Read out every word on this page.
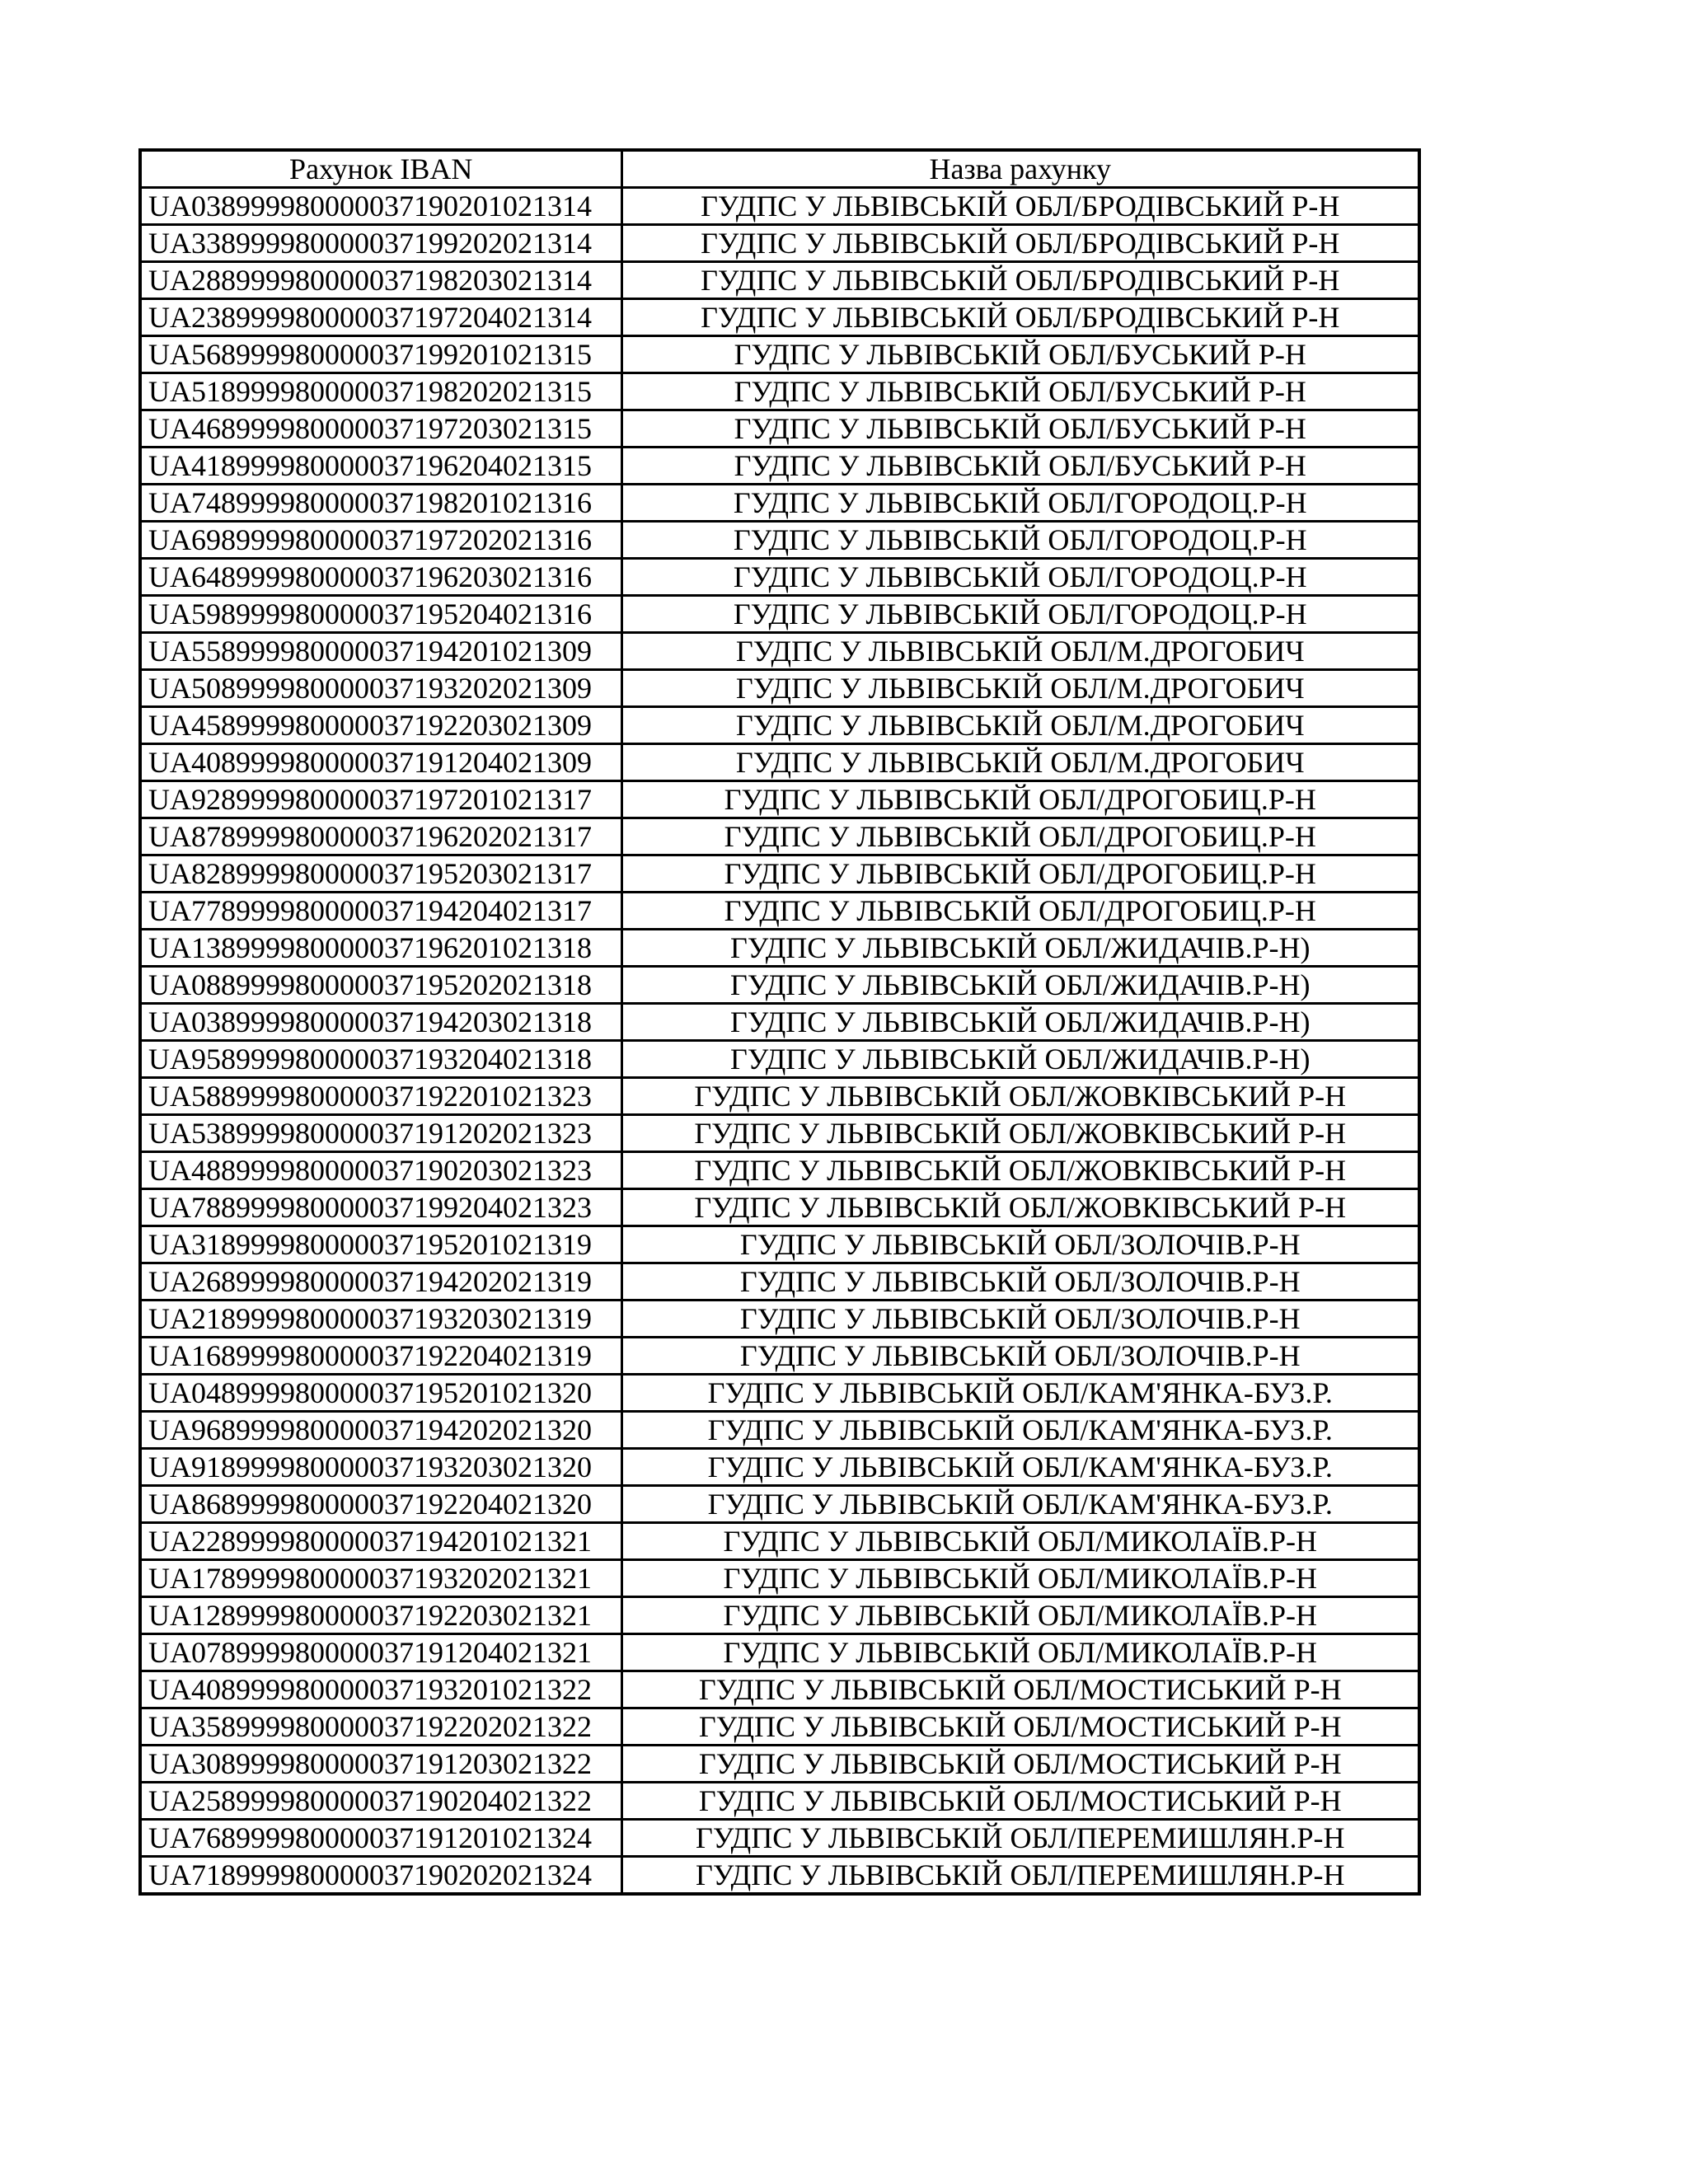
Рахунок IBAN	Назва рахунку
UA038999980000037190201021314	ГУДПС У ЛЬВІВСЬКІЙ ОБЛ/БРОДІВСЬКИЙ Р-Н
UA338999980000037199202021314	ГУДПС У ЛЬВІВСЬКІЙ ОБЛ/БРОДІВСЬКИЙ Р-Н
UA288999980000037198203021314	ГУДПС У ЛЬВІВСЬКІЙ ОБЛ/БРОДІВСЬКИЙ Р-Н
UA238999980000037197204021314	ГУДПС У ЛЬВІВСЬКІЙ ОБЛ/БРОДІВСЬКИЙ Р-Н
UA568999980000037199201021315	ГУДПС У ЛЬВІВСЬКІЙ ОБЛ/БУСЬКИЙ Р-Н
UA518999980000037198202021315	ГУДПС У ЛЬВІВСЬКІЙ ОБЛ/БУСЬКИЙ Р-Н
UA468999980000037197203021315	ГУДПС У ЛЬВІВСЬКІЙ ОБЛ/БУСЬКИЙ Р-Н
UA418999980000037196204021315	ГУДПС У ЛЬВІВСЬКІЙ ОБЛ/БУСЬКИЙ Р-Н
UA748999980000037198201021316	ГУДПС У ЛЬВІВСЬКІЙ ОБЛ/ГОРОДОЦ.Р-Н
UA698999980000037197202021316	ГУДПС У ЛЬВІВСЬКІЙ ОБЛ/ГОРОДОЦ.Р-Н
UA648999980000037196203021316	ГУДПС У ЛЬВІВСЬКІЙ ОБЛ/ГОРОДОЦ.Р-Н
UA598999980000037195204021316	ГУДПС У ЛЬВІВСЬКІЙ ОБЛ/ГОРОДОЦ.Р-Н
UA558999980000037194201021309	ГУДПС У ЛЬВІВСЬКІЙ ОБЛ/М.ДРОГОБИЧ
UA508999980000037193202021309	ГУДПС У ЛЬВІВСЬКІЙ ОБЛ/М.ДРОГОБИЧ
UA458999980000037192203021309	ГУДПС У ЛЬВІВСЬКІЙ ОБЛ/М.ДРОГОБИЧ
UA408999980000037191204021309	ГУДПС У ЛЬВІВСЬКІЙ ОБЛ/М.ДРОГОБИЧ
UA928999980000037197201021317	ГУДПС У ЛЬВІВСЬКІЙ ОБЛ/ДРОГОБИЦ.Р-Н
UA878999980000037196202021317	ГУДПС У ЛЬВІВСЬКІЙ ОБЛ/ДРОГОБИЦ.Р-Н
UA828999980000037195203021317	ГУДПС У ЛЬВІВСЬКІЙ ОБЛ/ДРОГОБИЦ.Р-Н
UA778999980000037194204021317	ГУДПС У ЛЬВІВСЬКІЙ ОБЛ/ДРОГОБИЦ.Р-Н
UA138999980000037196201021318	ГУДПС У ЛЬВІВСЬКІЙ ОБЛ/ЖИДАЧІВ.Р-Н)
UA088999980000037195202021318	ГУДПС У ЛЬВІВСЬКІЙ ОБЛ/ЖИДАЧІВ.Р-Н)
UA038999980000037194203021318	ГУДПС У ЛЬВІВСЬКІЙ ОБЛ/ЖИДАЧІВ.Р-Н)
UA958999980000037193204021318	ГУДПС У ЛЬВІВСЬКІЙ ОБЛ/ЖИДАЧІВ.Р-Н)
UA588999980000037192201021323	ГУДПС У ЛЬВІВСЬКІЙ ОБЛ/ЖОВКІВСЬКИЙ Р-Н
UA538999980000037191202021323	ГУДПС У ЛЬВІВСЬКІЙ ОБЛ/ЖОВКІВСЬКИЙ Р-Н
UA488999980000037190203021323	ГУДПС У ЛЬВІВСЬКІЙ ОБЛ/ЖОВКІВСЬКИЙ Р-Н
UA788999980000037199204021323	ГУДПС У ЛЬВІВСЬКІЙ ОБЛ/ЖОВКІВСЬКИЙ Р-Н
UA318999980000037195201021319	ГУДПС У ЛЬВІВСЬКІЙ ОБЛ/ЗОЛОЧІВ.Р-Н
UA268999980000037194202021319	ГУДПС У ЛЬВІВСЬКІЙ ОБЛ/ЗОЛОЧІВ.Р-Н
UA218999980000037193203021319	ГУДПС У ЛЬВІВСЬКІЙ ОБЛ/ЗОЛОЧІВ.Р-Н
UA168999980000037192204021319	ГУДПС У ЛЬВІВСЬКІЙ ОБЛ/ЗОЛОЧІВ.Р-Н
UA048999980000037195201021320	ГУДПС У ЛЬВІВСЬКІЙ ОБЛ/КАМ'ЯНКА-БУЗ.Р.
UA968999980000037194202021320	ГУДПС У ЛЬВІВСЬКІЙ ОБЛ/КАМ'ЯНКА-БУЗ.Р.
UA918999980000037193203021320	ГУДПС У ЛЬВІВСЬКІЙ ОБЛ/КАМ'ЯНКА-БУЗ.Р.
UA868999980000037192204021320	ГУДПС У ЛЬВІВСЬКІЙ ОБЛ/КАМ'ЯНКА-БУЗ.Р.
UA228999980000037194201021321	ГУДПС У ЛЬВІВСЬКІЙ ОБЛ/МИКОЛАЇВ.Р-Н
UA178999980000037193202021321	ГУДПС У ЛЬВІВСЬКІЙ ОБЛ/МИКОЛАЇВ.Р-Н
UA128999980000037192203021321	ГУДПС У ЛЬВІВСЬКІЙ ОБЛ/МИКОЛАЇВ.Р-Н
UA078999980000037191204021321	ГУДПС У ЛЬВІВСЬКІЙ ОБЛ/МИКОЛАЇВ.Р-Н
UA408999980000037193201021322	ГУДПС У ЛЬВІВСЬКІЙ ОБЛ/МОСТИСЬКИЙ Р-Н
UA358999980000037192202021322	ГУДПС У ЛЬВІВСЬКІЙ ОБЛ/МОСТИСЬКИЙ Р-Н
UA308999980000037191203021322	ГУДПС У ЛЬВІВСЬКІЙ ОБЛ/МОСТИСЬКИЙ Р-Н
UA258999980000037190204021322	ГУДПС У ЛЬВІВСЬКІЙ ОБЛ/МОСТИСЬКИЙ Р-Н
UA768999980000037191201021324	ГУДПС У ЛЬВІВСЬКІЙ ОБЛ/ПЕРЕМИШЛЯН.Р-Н
UA718999980000037190202021324	ГУДПС У ЛЬВІВСЬКІЙ ОБЛ/ПЕРЕМИШЛЯН.Р-Н
